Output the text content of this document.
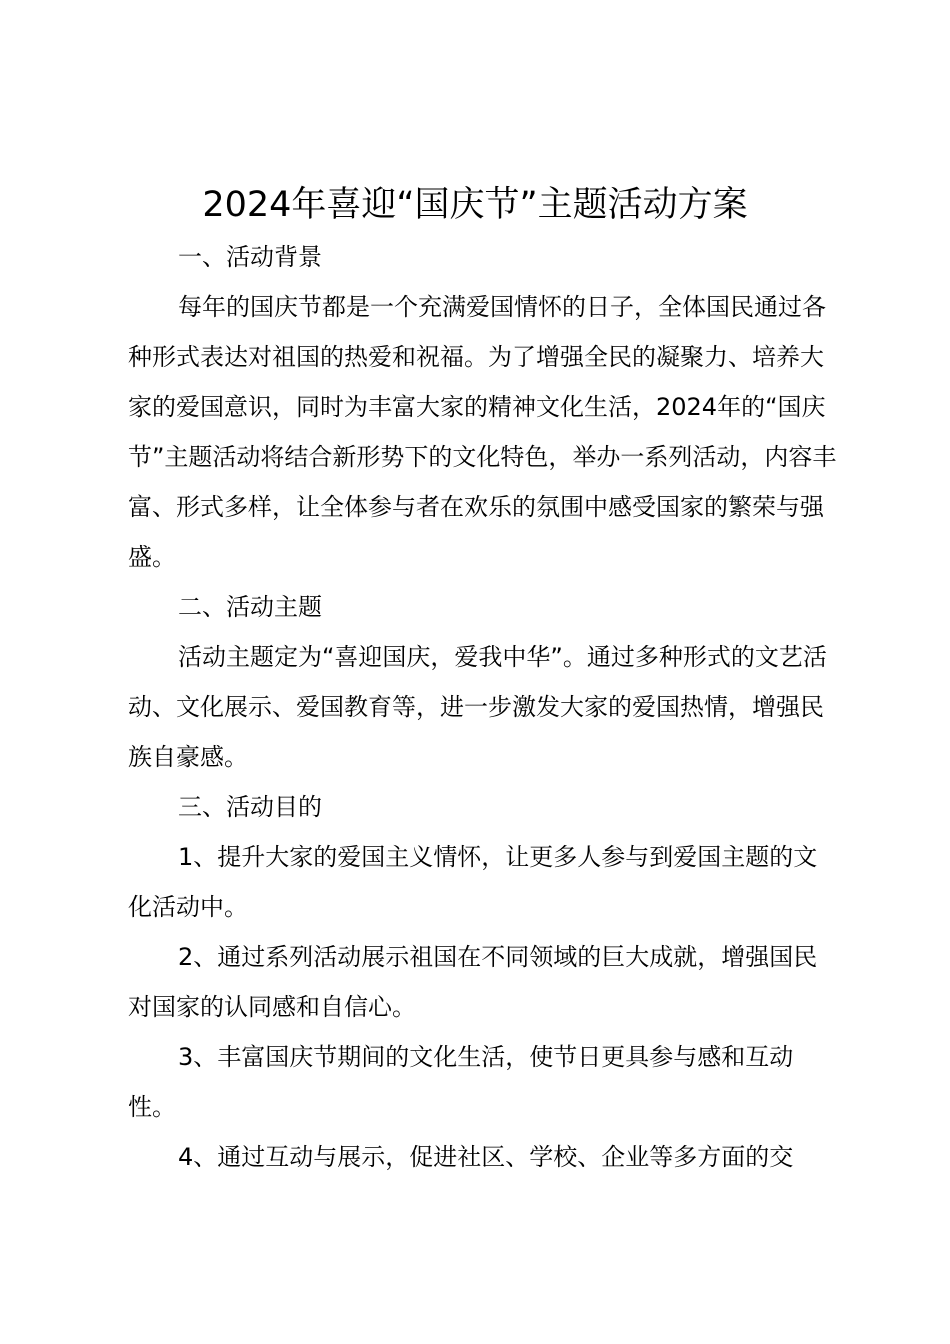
2024年喜迎“国庆节”主题活动方案

一、活动背景

每年的国庆节都是一个充满爱国情怀的日子，全体国民通过各种形式表达对祖国的热爱和祝福。为了增强全民的凝聚力、培养大家的爱国意识，同时为丰富大家的精神文化生活，2024年的“国庆节”主题活动将结合新形势下的文化特色，举办一系列活动，内容丰富、形式多样，让全体参与者在欢乐的氛围中感受国家的繁荣与强盛。

二、活动主题

活动主题定为“喜迎国庆，爱我中华”。通过多种形式的文艺活动、文化展示、爱国教育等，进一步激发大家的爱国热情，增强民族自豪感。

三、活动目的

1、提升大家的爱国主义情怀，让更多人参与到爱国主题的文化活动中。

2、通过系列活动展示祖国在不同领域的巨大成就，增强国民对国家的认同感和自信心。

3、丰富国庆节期间的文化生活，使节日更具参与感和互动性。

4、通过互动与展示，促进社区、学校、企业等多方面的交
